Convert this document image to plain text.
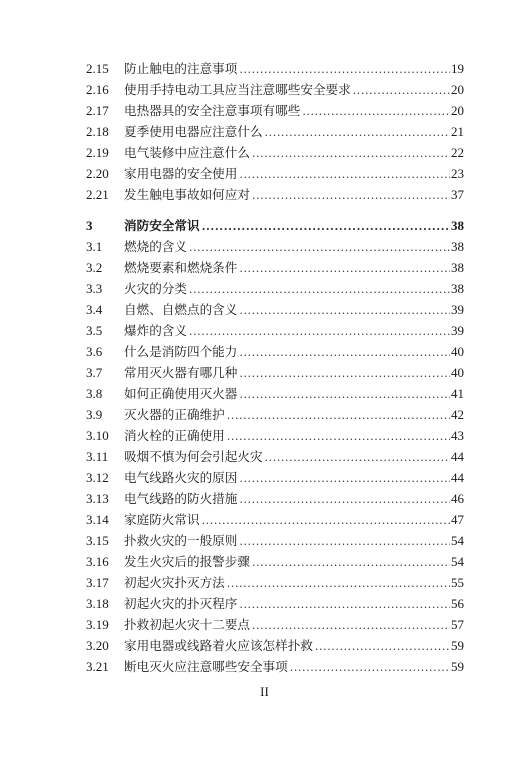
2.15	防止触电的注意事项 .....	19
2.16	使用手持电动工具应当注意哪些安全要求 .....	20
2.17	电热器具的安全注意事项有哪些 .....	20
2.18	夏季使用电器应注意什么 .....	21
2.19	电气装修中应注意什么 .....	22
2.20	家用电器的安全使用 .....	23
2.21	发生触电事故如何应对 .....	37
3	消防安全常识 .....	38
3.1	燃烧的含义 .....	38
3.2	燃烧要素和燃烧条件 .....	38
3.3	火灾的分类 .....	38
3.4	自燃、自燃点的含义 .....	39
3.5	爆炸的含义 .....	39
3.6	什么是消防四个能力 .....	40
3.7	常用灭火器有哪几种 .....	40
3.8	如何正确使用灭火器 .....	41
3.9	灭火器的正确维护 .....	42
3.10	消火栓的正确使用 .....	43
3.11	吸烟不慎为何会引起火灾 .....	44
3.12	电气线路火灾的原因 .....	44
3.13	电气线路的防火措施 .....	46
3.14	家庭防火常识 .....	47
3.15	扑救火灾的一般原则 .....	54
3.16	发生火灾后的报警步骤 .....	54
3.17	初起火灾扑灭方法 .....	55
3.18	初起火灾的扑灭程序 .....	56
3.19	扑救初起火灾十二要点 .....	57
3.20	家用电器或线路着火应该怎样扑救 .....	59
3.21	断电灭火应注意哪些安全事项 .....	59
II
